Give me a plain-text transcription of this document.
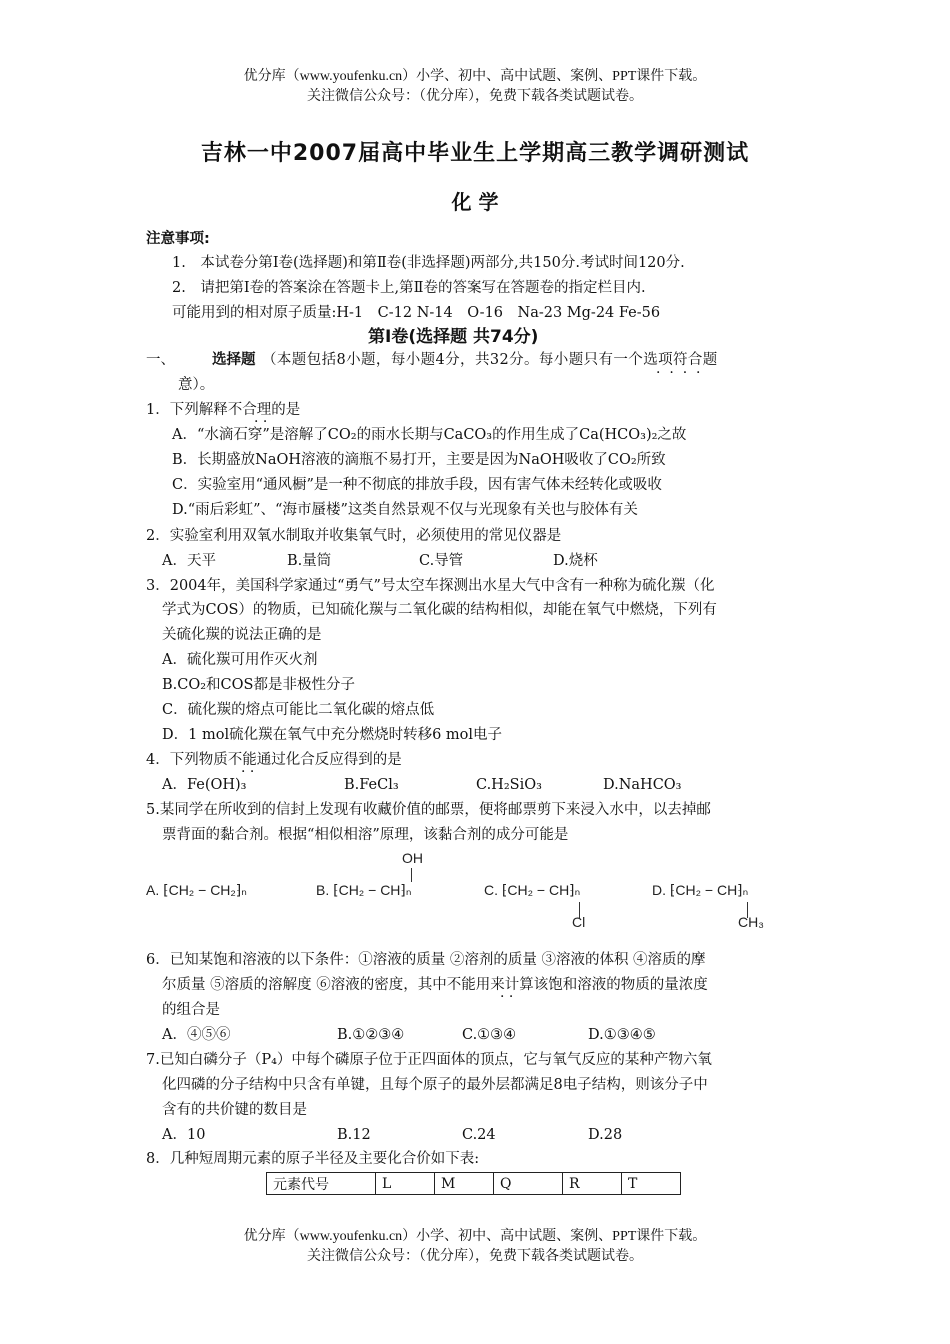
优分库（www.youfenku.cn）小学、初中、高中试题、案例、PPT课件下载。
关注微信公众号：（优分库），免费下载各类试题试卷。
吉林一中2007届高中毕业生上学期高三教学调研测试
化 学
注意事项:
1.　本试卷分第Ⅰ卷(选择题)和第Ⅱ卷(非选择题)两部分,共150分.考试时间120分.
2.　请把第Ⅰ卷的答案涂在答题卡上,第Ⅱ卷的答案写在答题卷的指定栏目内.
可能用到的相对原子质量:H-1　C-12 N-14　O-16　Na-23 Mg-24 Fe-56
第Ⅰ卷(选择题 共74分)
一、	选择题 （本题包括8小题，每小题4分，共32分。每小题只有一个选项符合题
·  ·  ·  ·
意）。
1．下列解释不合理的是
· ·
A．“水滴石穿”是溶解了CO₂的雨水长期与CaCO₃的作用生成了Ca(HCO₃)₂之故
B．长期盛放NaOH溶液的滴瓶不易打开，主要是因为NaOH吸收了CO₂所致
C．实验室用“通风橱”是一种不彻底的排放手段，因有害气体未经转化或吸收
D.“雨后彩虹”、“海市蜃楼”这类自然景观不仅与光现象有关也与胶体有关
2．实验室利用双氧水制取并收集氧气时，必须使用的常见仪器是
A．天平	B.量筒	C.导管	D.烧杯
3．2004年，美国科学家通过“勇气”号太空车探测出水星大气中含有一种称为硫化羰（化
学式为COS）的物质，已知硫化羰与二氧化碳的结构相似，却能在氧气中燃烧，下列有
关硫化羰的说法正确的是
A．硫化羰可用作灭火剂
B.CO₂和COS都是非极性分子
C．硫化羰的熔点可能比二氧化碳的熔点低
D．1 mol硫化羰在氧气中充分燃烧时转移6 mol电子
4．下列物质不能通过化合反应得到的是
· ·
A．Fe(OH)₃	B.FeCl₃	C.H₂SiO₃	D.NaHCO₃
5.某同学在所收到的信封上发现有收藏价值的邮票，便将邮票剪下来浸入水中，以去掉邮
票背面的黏合剂。根据“相似相溶”原理，该黏合剂的成分可能是
A. ⁅CH₂ − CH₂⁆ₙ
OH
B. ⁅CH₂ − CH⁆ₙ	C. ⁅CH₂ − CH⁆ₙ
Cl
D. ⁅CH₂ − CH⁆ₙ
CH₃
6．已知某饱和溶液的以下条件：①溶液的质量 ②溶剂的质量 ③溶液的体积 ④溶质的摩
尔质量 ⑤溶质的溶解度 ⑥溶液的密度，其中不能用来计算该饱和溶液的物质的量浓度
· ·
的组合是
A．④⑤⑥	B.①②③④	C.①③④	D.①③④⑤
7.已知白磷分子（P₄）中每个磷原子位于正四面体的顶点，它与氧气反应的某种产物六氧
化四磷的分子结构中只含有单键，且每个原子的最外层都满足8电子结构，则该分子中
含有的共价键的数目是
A．10	B.12	C.24	D.28
8．几种短周期元素的原子半径及主要化合价如下表:
元素代号	L	M	Q	R	T
优分库（www.youfenku.cn）小学、初中、高中试题、案例、PPT课件下载。
关注微信公众号：（优分库），免费下载各类试题试卷。
